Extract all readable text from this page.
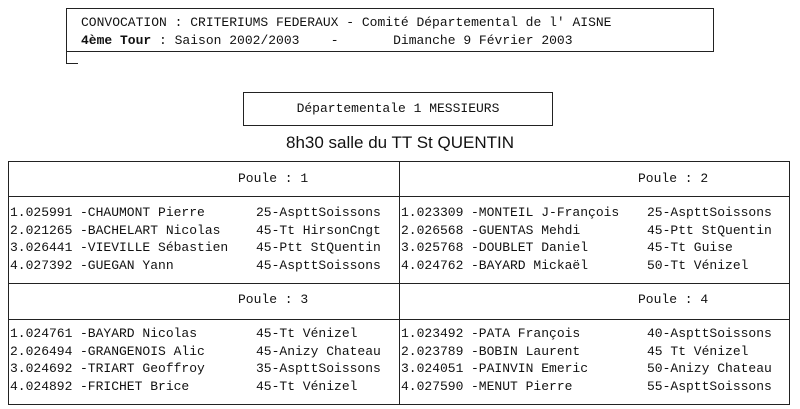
CONVOCATION : CRITERIUMS FEDERAUX - Comité Départemental de l' AISNE
4ème Tour : Saison 2002/2003 -	Dimanche 9 Février 2003
Départementale 1 MESSIEURS
8h30 salle du TT St QUENTIN
Poule : 1
1.025991 -CHAUMONT Pierre	25-AspttSoissons
2.021265 -BACHELART Nicolas	45-Tt HirsonCngt
3.026441 -VIEVILLE Sébastien 45-Ptt StQuentin
4.027392 -GUEGAN Yann	45-AspttSoissons
Poule : 2
1.023309 -MONTEIL J-François 25-AspttSoissons
2.026568 -GUENTAS Mehdi	45-Ptt StQuentin
3.025768 -DOUBLET Daniel	45-Tt Guise
4.024762 -BAYARD Mickaël	50-Tt Vénizel
Poule : 3
1.024761 -BAYARD Nicolas	45-Tt Vénizel
2.026494 -GRANGENOIS Alic	45-Anizy Chateau
3.024692 -TRIART Geoffroy	35-AspttSoissons
4.024892 -FRICHET Brice	45-Tt Vénizel
Poule : 4
1.023492 -PATA François	40-AspttSoissons
2.023789 -BOBIN Laurent	45 Tt Vénizel
3.024051 -PAINVIN Emeric	50-Anizy Chateau
4.027590 -MENUT Pierre	55-AspttSoissons
